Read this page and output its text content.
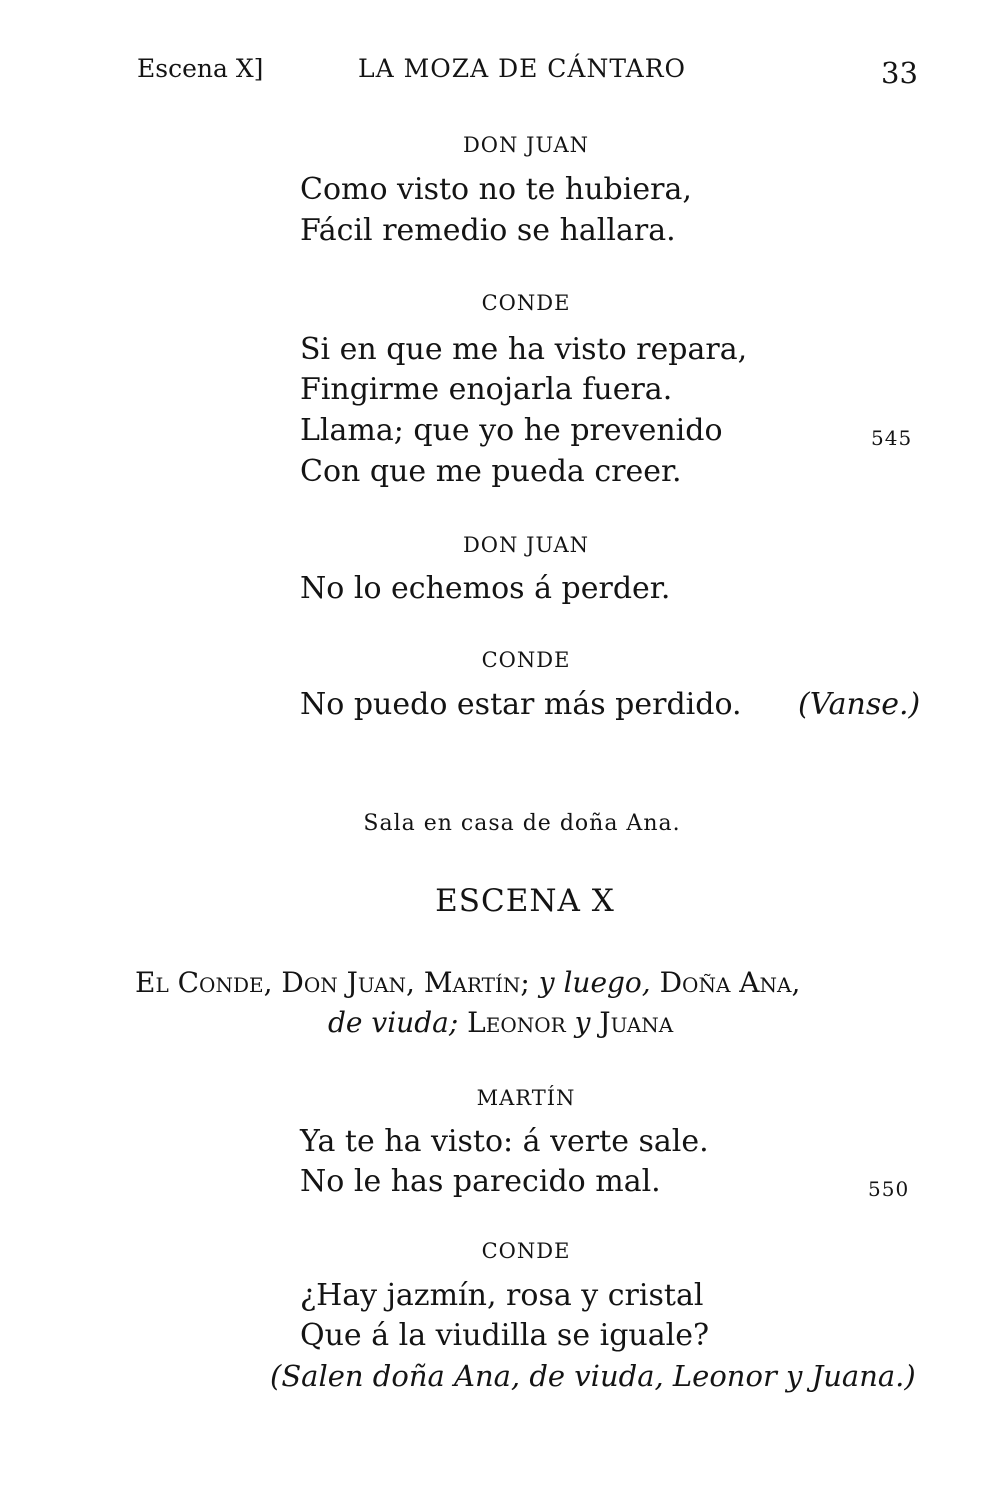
Escena X]	LA MOZA DE CÁNTARO	33
DON JUAN
Como visto no te hubiera,
Fácil remedio se hallara.
CONDE
Si en que me ha visto repara,
Fingirme enojarla fuera.
Llama; que yo he prevenido	545
Con que me pueda creer.
DON JUAN
No lo echemos á perder.
CONDE
No puedo estar más perdido. (Vanse.)
Sala en casa de doña Ana.
ESCENA X
El Conde, Don Juan, Martín; y luego, Doña Ana,
de viuda; Leonor y Juana
MARTÍN
Ya te ha visto: á verte sale.
No le has parecido mal.	550
CONDE
¿Hay jazmín, rosa y cristal
Que á la viudilla se iguale?
(Salen doña Ana, de viuda, Leonor y Juana.)
